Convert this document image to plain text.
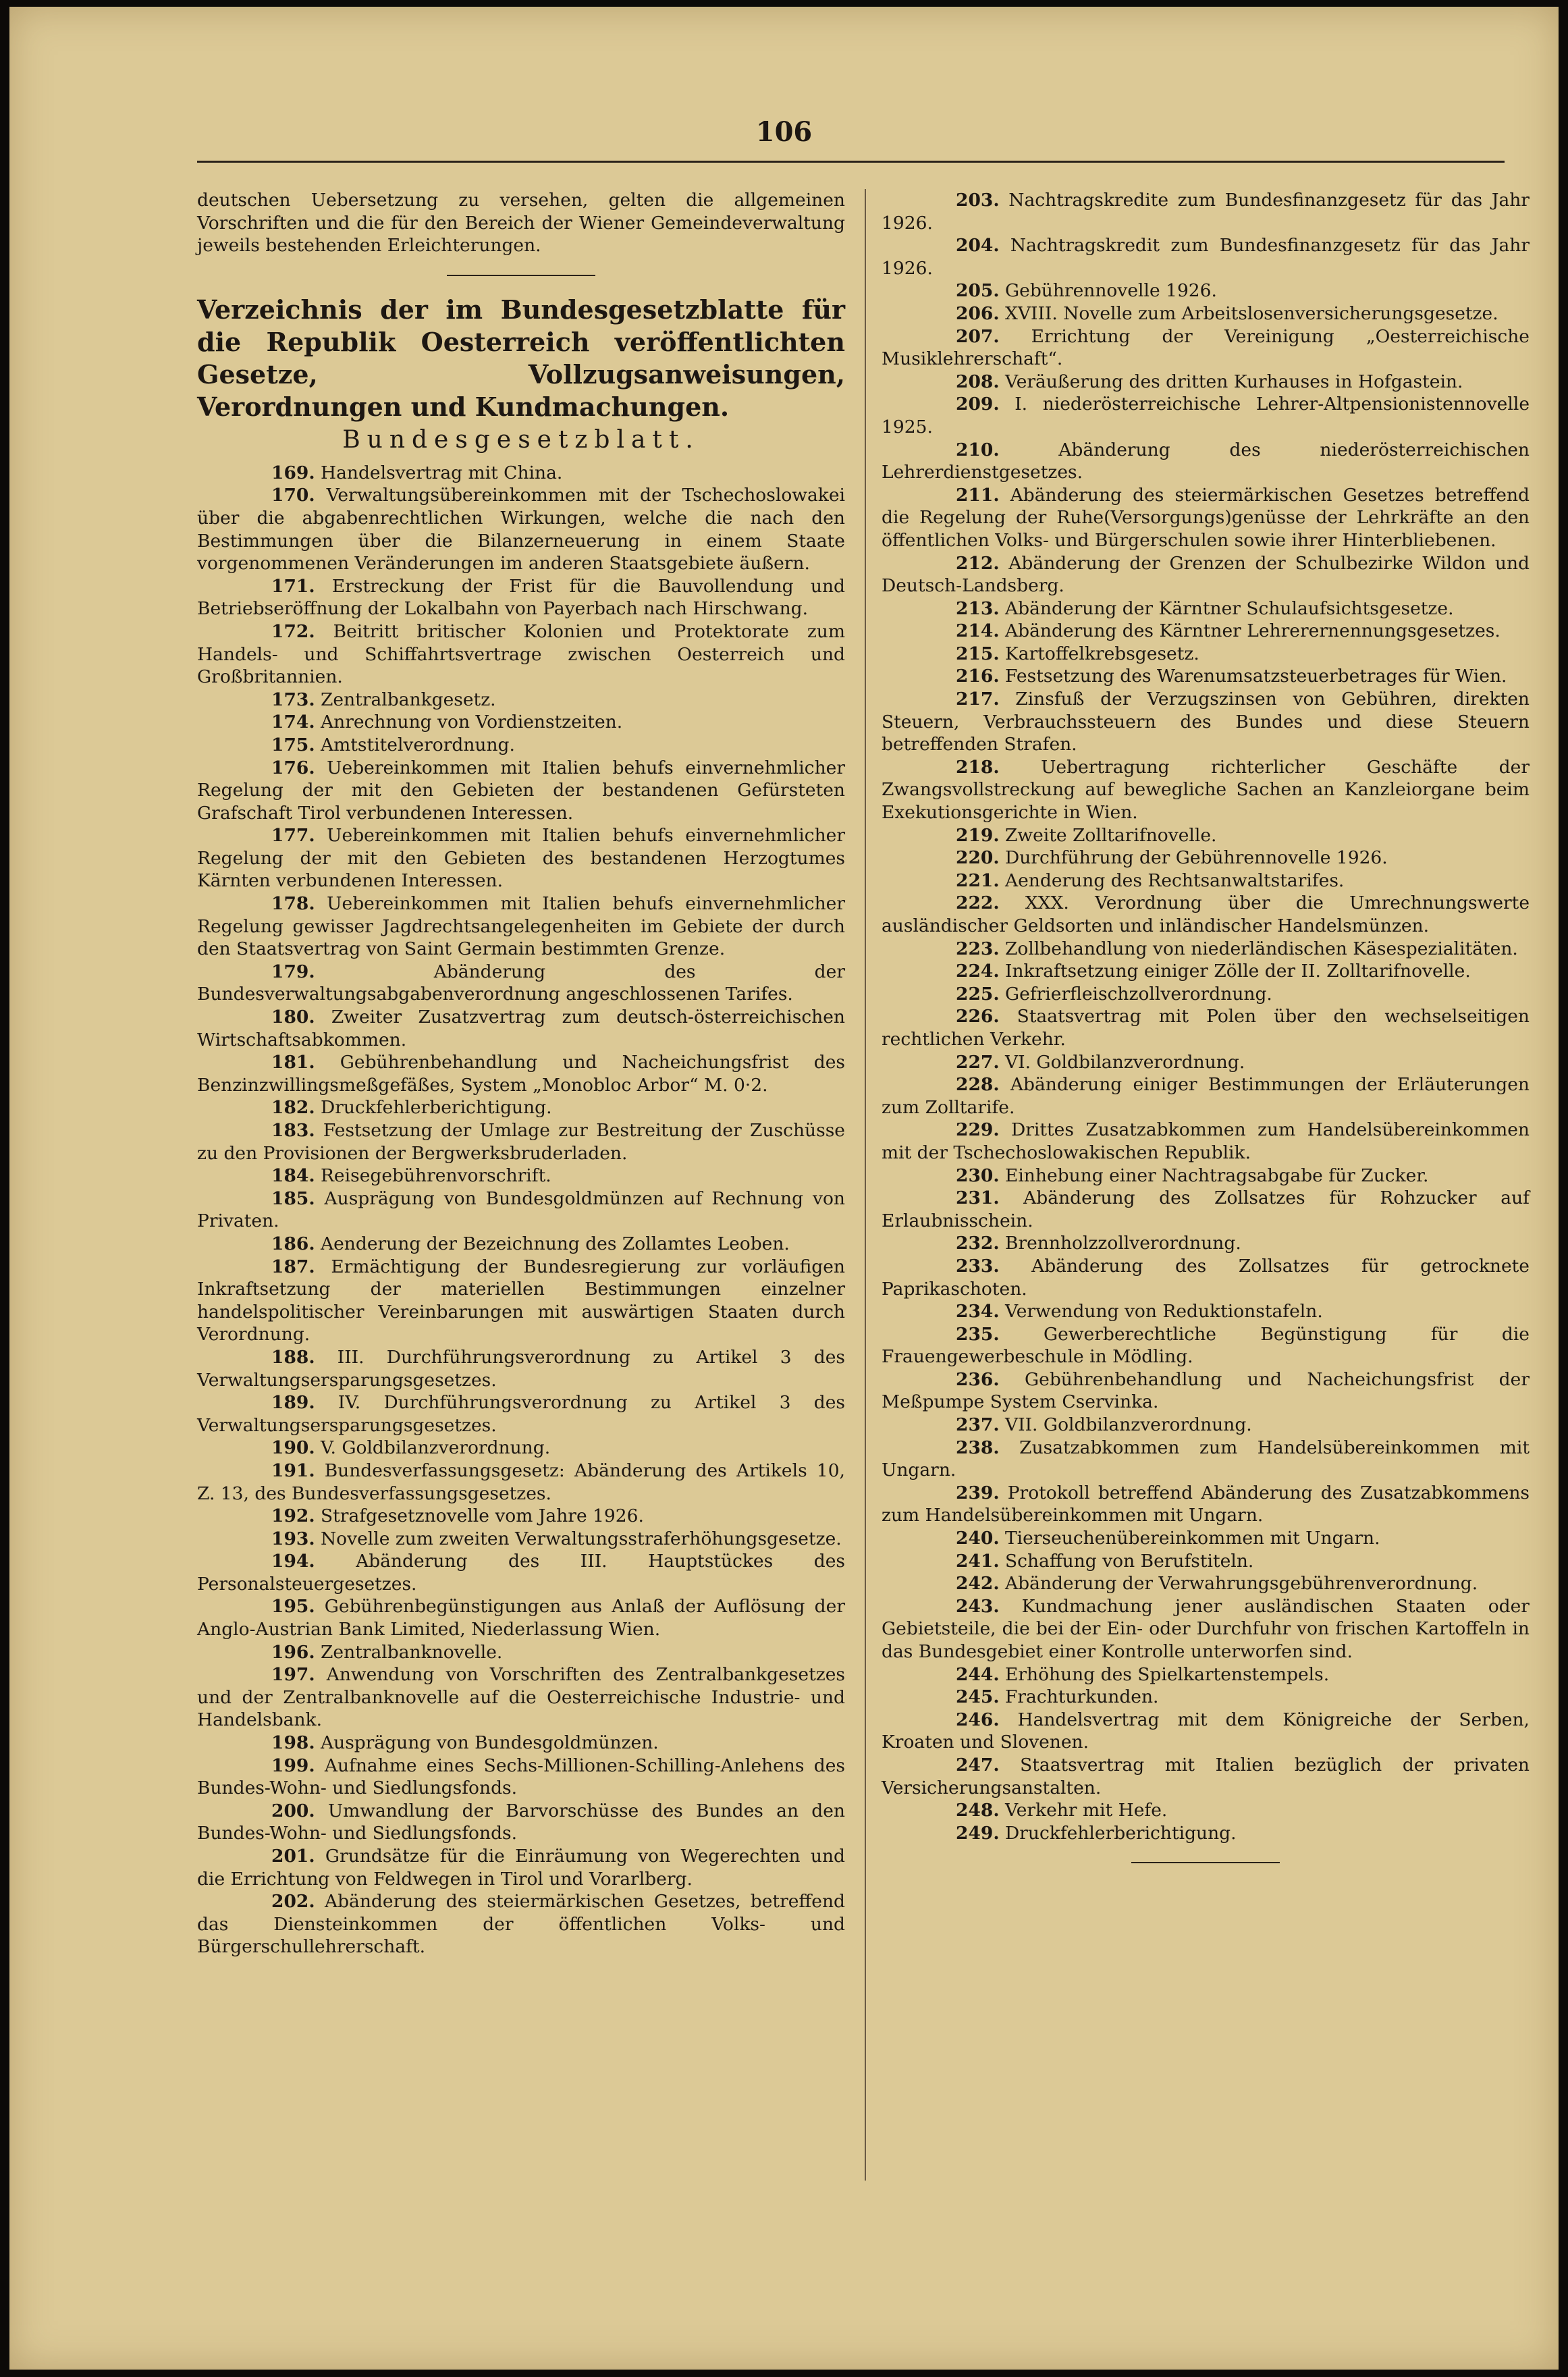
106

deutschen Uebersetzung zu versehen, gelten die allgemeinen Vorschriften und die für den Bereich der Wiener Gemeindeverwaltung jeweils bestehenden Erleichterungen.

Verzeichnis der im Bundesgesetzblatte für die Republik Oesterreich veröffentlichten Gesetze, Vollzugsanweisungen, Verordnungen und Kundmachungen.

Bundesgesetzblatt.

169. Handelsvertrag mit China.

170. Verwaltungsübereinkommen mit der Tschechoslowakei über die abgabenrechtlichen Wirkungen, welche die nach den Bestimmungen über die Bilanzerneuerung in einem Staate vorgenommenen Veränderungen im anderen Staatsgebiete äußern.

171. Erstreckung der Frist für die Bauvollendung und Betriebseröffnung der Lokalbahn von Payerbach nach Hirschwang.

172. Beitritt britischer Kolonien und Protektorate zum Handels- und Schiffahrtsvertrage zwischen Oesterreich und Großbritannien.

173. Zentralbankgesetz.

174. Anrechnung von Vordienstzeiten.

175. Amtstitelverordnung.

176. Uebereinkommen mit Italien behufs einvernehmlicher Regelung der mit den Gebieten der bestandenen Gefürsteten Grafschaft Tirol verbundenen Interessen.

177. Uebereinkommen mit Italien behufs einvernehmlicher Regelung der mit den Gebieten des bestandenen Herzogtumes Kärnten verbundenen Interessen.

178. Uebereinkommen mit Italien behufs einvernehmlicher Regelung gewisser Jagdrechtsangelegenheiten im Gebiete der durch den Staatsvertrag von Saint Germain bestimmten Grenze.

179.	Abänderung des der Bundesverwaltungsabgabenverordnung angeschlossenen Tarifes.

180. Zweiter Zusatzvertrag zum deutsch-österreichischen Wirtschaftsabkommen.

181. Gebührenbehandlung und Nacheichungsfrist des Benzinzwillingsmeßgefäßes, System „Monobloc Arbor“ M. 0·2.

182. Druckfehlerberichtigung.

183. Festsetzung der Umlage zur Bestreitung der Zuschüsse zu den Provisionen der Bergwerksbruderladen.

184. Reisegebührenvorschrift.

185. Ausprägung von Bundesgoldmünzen auf Rechnung von Privaten.

186. Aenderung der Bezeichnung des Zollamtes Leoben.

187. Ermächtigung der Bundesregierung zur vorläufigen Inkraftsetzung der materiellen Bestimmungen einzelner handelspolitischer Vereinbarungen mit auswärtigen Staaten durch Verordnung.

188. III. Durchführungsverordnung zu Artikel 3 des Verwaltungsersparungsgesetzes.

189. IV. Durchführungsverordnung zu Artikel 3 des Verwaltungsersparungsgesetzes.

190. V. Goldbilanzverordnung.

191. Bundesverfassungsgesetz: Abänderung des Artikels 10, Z. 13, des Bundesverfassungsgesetzes.

192. Strafgesetznovelle vom Jahre 1926.

193. Novelle zum zweiten Verwaltungsstraferhöhungsgesetze.

194. Abänderung des III. Hauptstückes des Personalsteuergesetzes.

195. Gebührenbegünstigungen aus Anlaß der Auflösung der Anglo-Austrian Bank Limited, Niederlassung Wien.

196. Zentralbanknovelle.

197. Anwendung von Vorschriften des Zentralbankgesetzes und der Zentralbanknovelle auf die Oesterreichische Industrie- und Handelsbank.

198. Ausprägung von Bundesgoldmünzen.

199. Aufnahme eines Sechs-Millionen-Schilling-Anlehens des Bundes-Wohn- und Siedlungsfonds.

200. Umwandlung der Barvorschüsse des Bundes an den Bundes-Wohn- und Siedlungsfonds.

201. Grundsätze für die Einräumung von Wegerechten und die Errichtung von Feldwegen in Tirol und Vorarlberg.

202. Abänderung des steiermärkischen Gesetzes, betreffend das Diensteinkommen der öffentlichen Volks- und Bürgerschullehrerschaft.

203. Nachtragskredite zum Bundesfinanzgesetz für das Jahr 1926.

204. Nachtragskredit zum Bundesfinanzgesetz für das Jahr 1926.

205. Gebührennovelle 1926.

206. XVIII. Novelle zum Arbeitslosenversicherungsgesetze.

207. Errichtung der Vereinigung „Oesterreichische Musiklehrerschaft“.

208. Veräußerung des dritten Kurhauses in Hofgastein.

209. I. niederösterreichische Lehrer-Altpensionistennovelle 1925.

210.	Abänderung des niederösterreichischen Lehrerdienstgesetzes.

211. Abänderung des steiermärkischen Gesetzes betreffend die Regelung der Ruhe(Versorgungs)genüsse der Lehrkräfte an den öffentlichen Volks- und Bürgerschulen sowie ihrer Hinterbliebenen.

212. Abänderung der Grenzen der Schulbezirke Wildon und Deutsch-Landsberg.

213. Abänderung der Kärntner Schulaufsichtsgesetze.

214. Abänderung des Kärntner Lehrerernennungsgesetzes.

215. Kartoffelkrebsgesetz.

216. Festsetzung des Warenumsatzsteuerbetrages für Wien.

217. Zinsfuß der Verzugszinsen von Gebühren, direkten Steuern, Verbrauchssteuern des Bundes und diese Steuern betreffenden Strafen.

218. Uebertragung richterlicher Geschäfte der Zwangsvollstreckung auf bewegliche Sachen an Kanzleiorgane beim Exekutionsgerichte in Wien.

219. Zweite Zolltarifnovelle.

220. Durchführung der Gebührennovelle 1926.

221. Aenderung des Rechtsanwaltstarifes.

222. XXX. Verordnung über die Umrechnungswerte ausländischer Geldsorten und inländischer Handelsmünzen.

223. Zollbehandlung von niederländischen Käsespezialitäten.

224. Inkraftsetzung einiger Zölle der II. Zolltarifnovelle.

225. Gefrierfleischzollverordnung.

226. Staatsvertrag mit Polen über den wechselseitigen rechtlichen Verkehr.

227. VI. Goldbilanzverordnung.

228. Abänderung einiger Bestimmungen der Erläuterungen zum Zolltarife.

229. Drittes Zusatzabkommen zum Handelsübereinkommen mit der Tschechoslowakischen Republik.

230. Einhebung einer Nachtragsabgabe für Zucker.

231. Abänderung des Zollsatzes für Rohzucker auf Erlaubnisschein.

232. Brennholzzollverordnung.

233. Abänderung des Zollsatzes für getrocknete Paprikaschoten.

234. Verwendung von Reduktionstafeln.

235. Gewerberechtliche Begünstigung für die Frauengewerbeschule in Mödling.

236. Gebührenbehandlung und Nacheichungsfrist der Meßpumpe System Cservinka.

237. VII. Goldbilanzverordnung.

238. Zusatzabkommen zum Handelsübereinkommen mit Ungarn.

239. Protokoll betreffend Abänderung des Zusatzabkommens zum Handelsübereinkommen mit Ungarn.

240. Tierseuchenübereinkommen mit Ungarn.

241. Schaffung von Berufstiteln.

242. Abänderung der Verwahrungsgebührenverordnung.

243. Kundmachung jener ausländischen Staaten oder Gebietsteile, die bei der Ein- oder Durchfuhr von frischen Kartoffeln in das Bundesgebiet einer Kontrolle unterworfen sind.

244. Erhöhung des Spielkartenstempels.

245. Frachturkunden.

246. Handelsvertrag mit dem Königreiche der Serben, Kroaten und Slovenen.

247. Staatsvertrag mit Italien bezüglich der privaten Versicherungsanstalten.

248. Verkehr mit Hefe.

249. Druckfehlerberichtigung.
